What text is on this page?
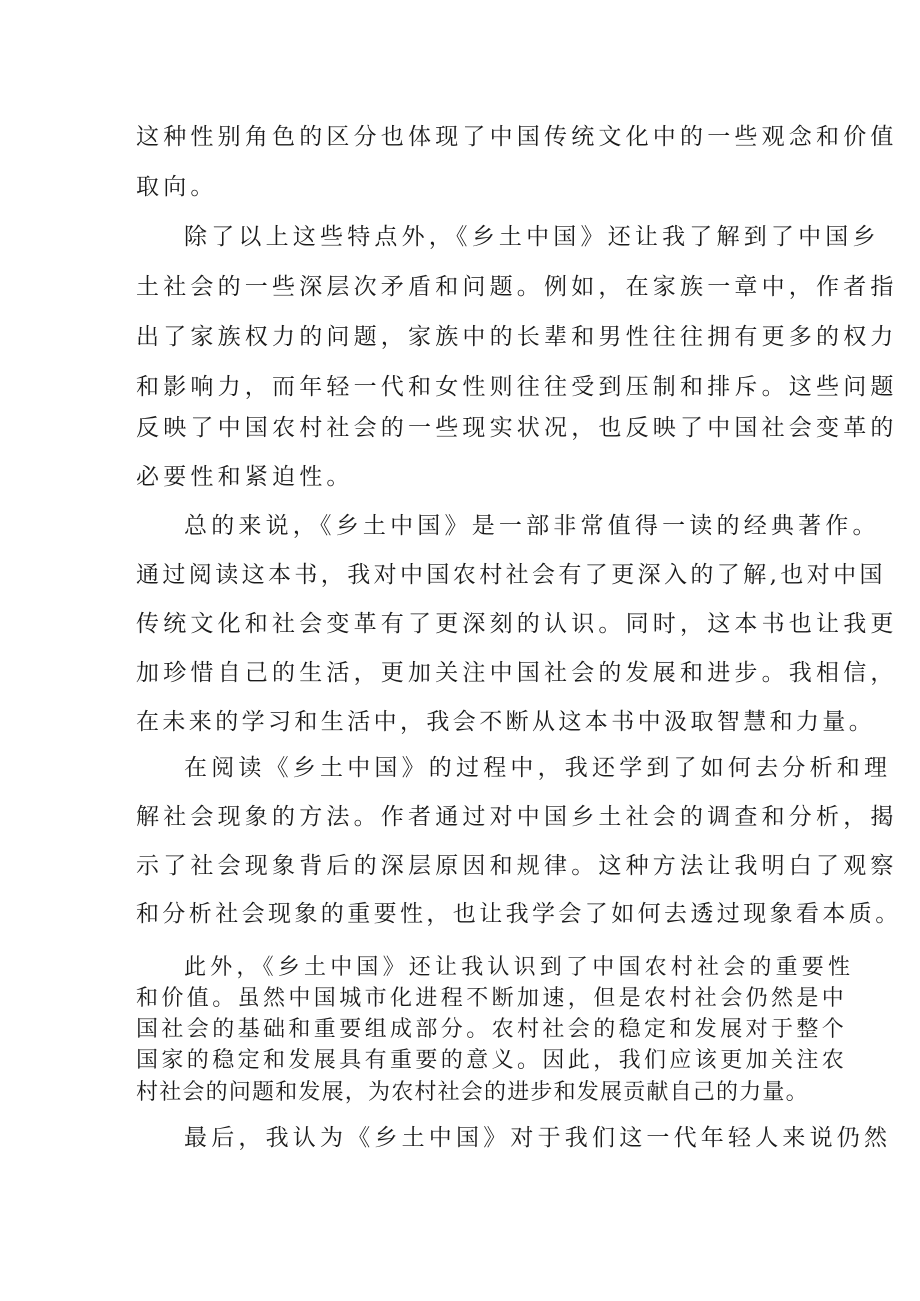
这种性别角色的区分也体现了中国传统文化中的一些观念和价值
取向。
除了以上这些特点外，《乡土中国》还让我了解到了中国乡
土社会的一些深层次矛盾和问题。例如，在家族一章中，作者指
出了家族权力的问题，家族中的长辈和男性往往拥有更多的权力
和影响力，而年轻一代和女性则往往受到压制和排斥。这些问题
反映了中国农村社会的一些现实状况，也反映了中国社会变革的
必要性和紧迫性。
总的来说，《乡土中国》是一部非常值得一读的经典著作。
通过阅读这本书，我对中国农村社会有了更深入的了解,也对中国
传统文化和社会变革有了更深刻的认识。同时，这本书也让我更
加珍惜自己的生活，更加关注中国社会的发展和进步。我相信，
在未来的学习和生活中，我会不断从这本书中汲取智慧和力量。
在阅读《乡土中国》的过程中，我还学到了如何去分析和理
解社会现象的方法。作者通过对中国乡土社会的调查和分析，揭
示了社会现象背后的深层原因和规律。这种方法让我明白了观察
和分析社会现象的重要性，也让我学会了如何去透过现象看本质。
此外，《乡土中国》还让我认识到了中国农村社会的重要性
和价值。虽然中国城市化进程不断加速，但是农村社会仍然是中
国社会的基础和重要组成部分。农村社会的稳定和发展对于整个
国家的稳定和发展具有重要的意义。因此，我们应该更加关注农
村社会的问题和发展，为农村社会的进步和发展贡献自己的力量。
最后，我认为《乡土中国》对于我们这一代年轻人来说仍然
